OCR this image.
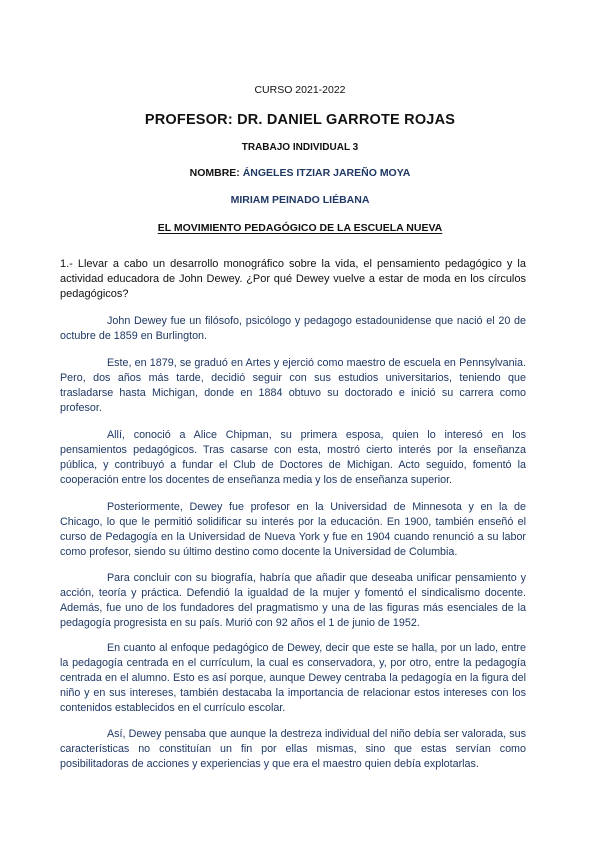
CURSO 2021-2022
PROFESOR: DR. DANIEL GARROTE ROJAS
TRABAJO INDIVIDUAL 3
NOMBRE: ÁNGELES ITZIAR JAREÑO MOYA
MIRIAM PEINADO LIÉBANA
EL MOVIMIENTO PEDAGÓGICO DE LA ESCUELA NUEVA

1.- Llevar a cabo un desarrollo monográfico sobre la vida, el pensamiento pedagógico y la actividad educadora de John Dewey. ¿Por qué Dewey vuelve a estar de moda en los círculos pedagógicos?

John Dewey fue un filósofo, psicólogo y pedagogo estadounidense que nació el 20 de octubre de 1859 en Burlington.

Este, en 1879, se graduó en Artes y ejerció como maestro de escuela en Pennsylvania. Pero, dos años más tarde, decidió seguir con sus estudios universitarios, teniendo que trasladarse hasta Michigan, donde en 1884 obtuvo su doctorado e inició su carrera como profesor.

Allí, conoció a Alice Chipman, su primera esposa, quien lo interesó en los pensamientos pedagógicos. Tras casarse con esta, mostró cierto interés por la enseñanza pública, y contribuyó a fundar el Club de Doctores de Michigan. Acto seguido, fomentó la cooperación entre los docentes de enseñanza media y los de enseñanza superior.

Posteriormente, Dewey fue profesor en la Universidad de Minnesota y en la de Chicago, lo que le permitió solidificar su interés por la educación. En 1900, también enseñó el curso de Pedagogía en la Universidad de Nueva York y fue en 1904 cuando renunció a su labor como profesor, siendo su último destino como docente la Universidad de Columbia.

Para concluir con su biografía, habría que añadir que deseaba unificar pensamiento y acción, teoría y práctica. Defendió la igualdad de la mujer y fomentó el sindicalismo docente. Además, fue uno de los fundadores del pragmatismo y una de las figuras más esenciales de la pedagogía progresista en su país. Murió con 92 años el 1 de junio de 1952.

En cuanto al enfoque pedagógico de Dewey, decir que este se halla, por un lado, entre la pedagogía centrada en el currículum, la cual es conservadora, y, por otro, entre la pedagogía centrada en el alumno. Esto es así porque, aunque Dewey centraba la pedagogía en la figura del niño y en sus intereses, también destacaba la importancia de relacionar estos intereses con los contenidos establecidos en el currículo escolar.

Así, Dewey pensaba que aunque la destreza individual del niño debía ser valorada, sus características no constituían un fin por ellas mismas, sino que estas servían como posibilitadoras de acciones y experiencias y que era el maestro quien debía explotarlas.
